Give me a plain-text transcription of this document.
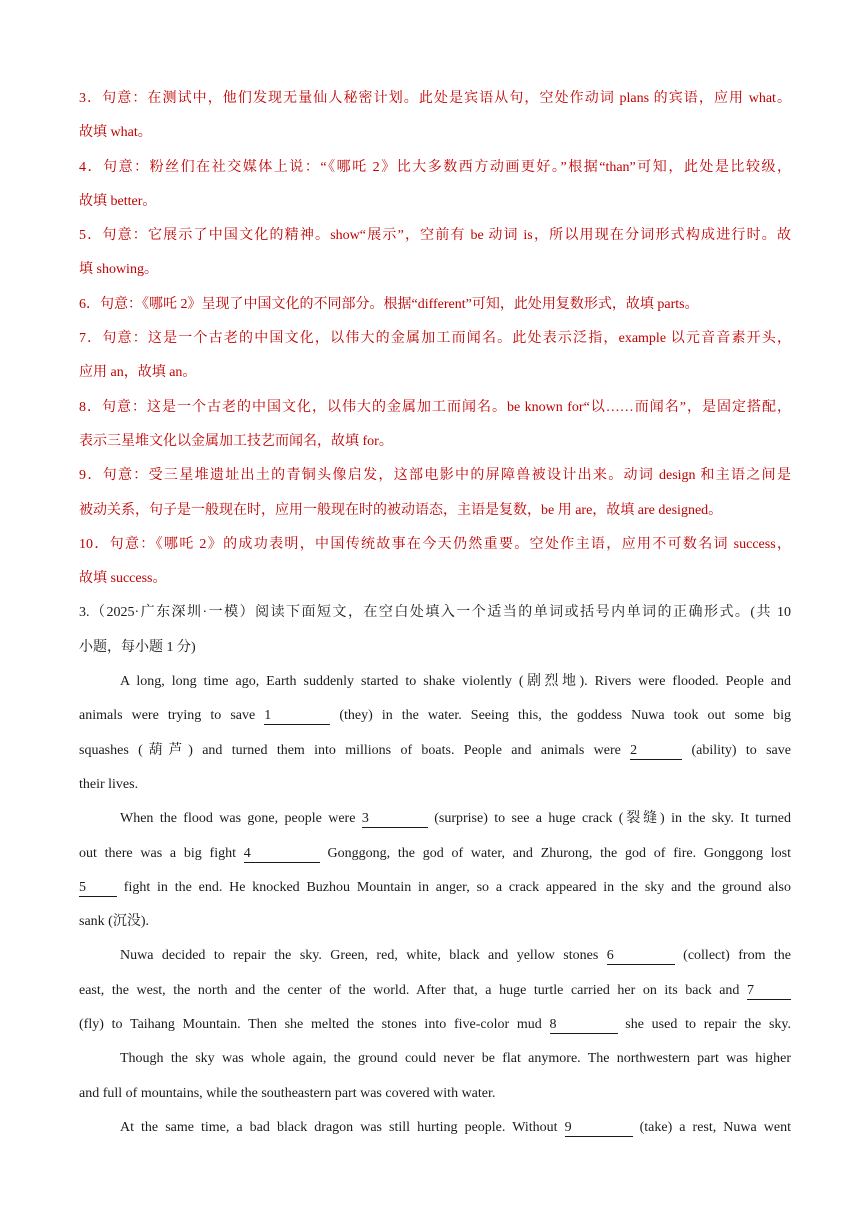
3．句意：在测试中，他们发现无量仙人秘密计划。此处是宾语从句，空处作动词 plans 的宾语，应用 what。
故填 what。
4．句意：粉丝们在社交媒体上说：“《哪吒 2》比大多数西方动画更好。”根据“than”可知，此处是比较级，
故填 better。
5．句意：它展示了中国文化的精神。show“展示”，空前有 be 动词 is，所以用现在分词形式构成进行时。故
填 showing。
6．句意：《哪吒 2》呈现了中国文化的不同部分。根据“different”可知，此处用复数形式，故填 parts。
7．句意：这是一个古老的中国文化，以伟大的金属加工而闻名。此处表示泛指，example 以元音音素开头，
应用 an，故填 an。
8．句意：这是一个古老的中国文化，以伟大的金属加工而闻名。be known for“以……而闻名”，是固定搭配，
表示三星堆文化以金属加工技艺而闻名，故填 for。
9．句意：受三星堆遗址出土的青铜头像启发，这部电影中的屏障兽被设计出来。动词 design 和主语之间是
被动关系，句子是一般现在时，应用一般现在时的被动语态，主语是复数，be 用 are，故填 are designed。
10．句意：《哪吒 2》的成功表明，中国传统故事在今天仍然重要。空处作主语，应用不可数名词 success，
故填 success。
3.（2025·广东深圳·一模）阅读下面短文，在空白处填入一个适当的单词或括号内单词的正确形式。(共 10
小题，每小题 1 分)
A long, long time ago, Earth suddenly started to shake violently (剧烈地). Rivers were flooded. People and
animals were trying to save 1	(they) in the water. Seeing this, the goddess Nuwa took out some big
squashes (葫芦) and turned them into millions of boats. People and animals were 2	(ability) to save
their lives.
When the flood was gone, people were 3	(surprise) to see a huge crack (裂缝) in the sky. It turned
out there was a big fight 4	Gonggong, the god of water, and Zhurong, the god of fire. Gonggong lost
5 fight in the end. He knocked Buzhou Mountain in anger, so a crack appeared in the sky and the ground also
sank (沉没).
Nuwa decided to repair the sky. Green, red, white, black and yellow stones 6	(collect) from the
east, the west, the north and the center of the world. After that, a huge turtle carried her on its back and 7
(fly) to Taihang Mountain. Then she melted the stones into five-color mud 8	she used to repair the sky.
Though the sky was whole again, the ground could never be flat anymore. The northwestern part was higher
and full of mountains, while the southeastern part was covered with water.
At the same time, a bad black dragon was still hurting people. Without 9	(take) a rest, Nuwa went
